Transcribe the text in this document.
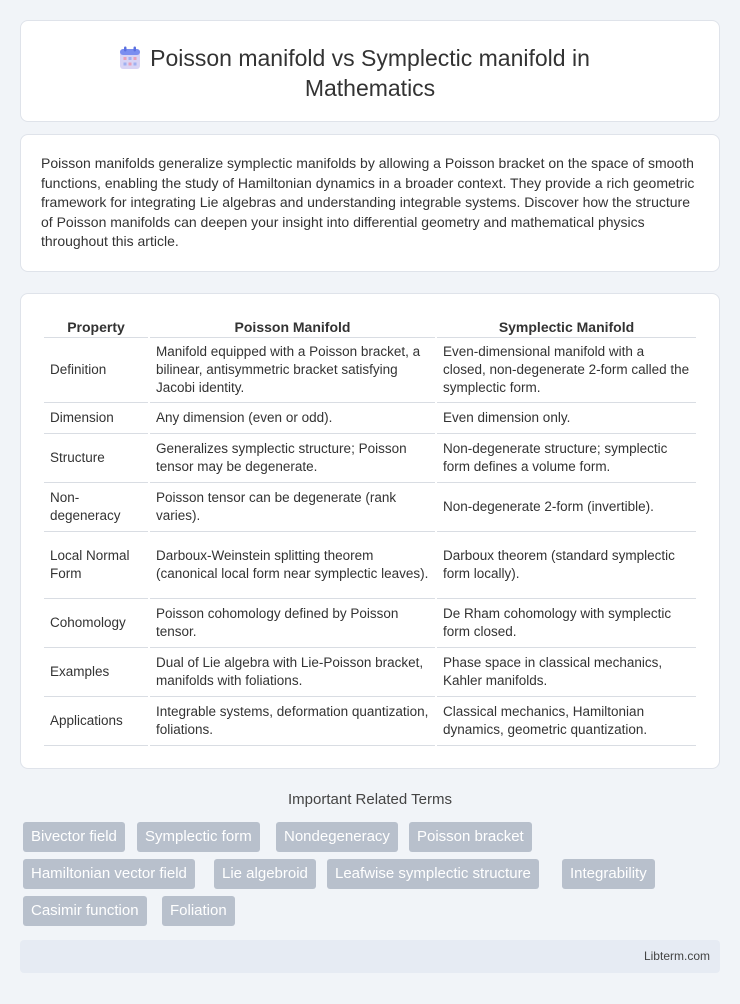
Poisson manifold vs Symplectic manifold in Mathematics

Poisson manifolds generalize symplectic manifolds by allowing a Poisson bracket on the space of smooth functions, enabling the study of Hamiltonian dynamics in a broader context. They provide a rich geometric framework for integrating Lie algebras and understanding integrable systems. Discover how the structure of Poisson manifolds can deepen your insight into differential geometry and mathematical physics throughout this article.

Property	Poisson Manifold	Symplectic Manifold
Definition	Manifold equipped with a Poisson bracket, a bilinear, antisymmetric bracket satisfying Jacobi identity.	Even-dimensional manifold with a closed, non-degenerate 2-form called the symplectic form.
Dimension	Any dimension (even or odd).	Even dimension only.
Structure	Generalizes symplectic structure; Poisson tensor may be degenerate.	Non-degenerate structure; symplectic form defines a volume form.
Non-degeneracy	Poisson tensor can be degenerate (rank varies).	Non-degenerate 2-form (invertible).
Local Normal Form	Darboux-Weinstein splitting theorem (canonical local form near symplectic leaves).	Darboux theorem (standard symplectic form locally).
Cohomology	Poisson cohomology defined by Poisson tensor.	De Rham cohomology with symplectic form closed.
Examples	Dual of Lie algebra with Lie-Poisson bracket, manifolds with foliations.	Phase space in classical mechanics, Kahler manifolds.
Applications	Integrable systems, deformation quantization, foliations.	Classical mechanics, Hamiltonian dynamics, geometric quantization.
Important Related Terms
Bivector field	Symplectic form	Nondegeneracy	Poisson bracket
Hamiltonian vector field	Lie algebroid	Leafwise symplectic structure	Integrability
Casimir function	Foliation
Libterm.com
